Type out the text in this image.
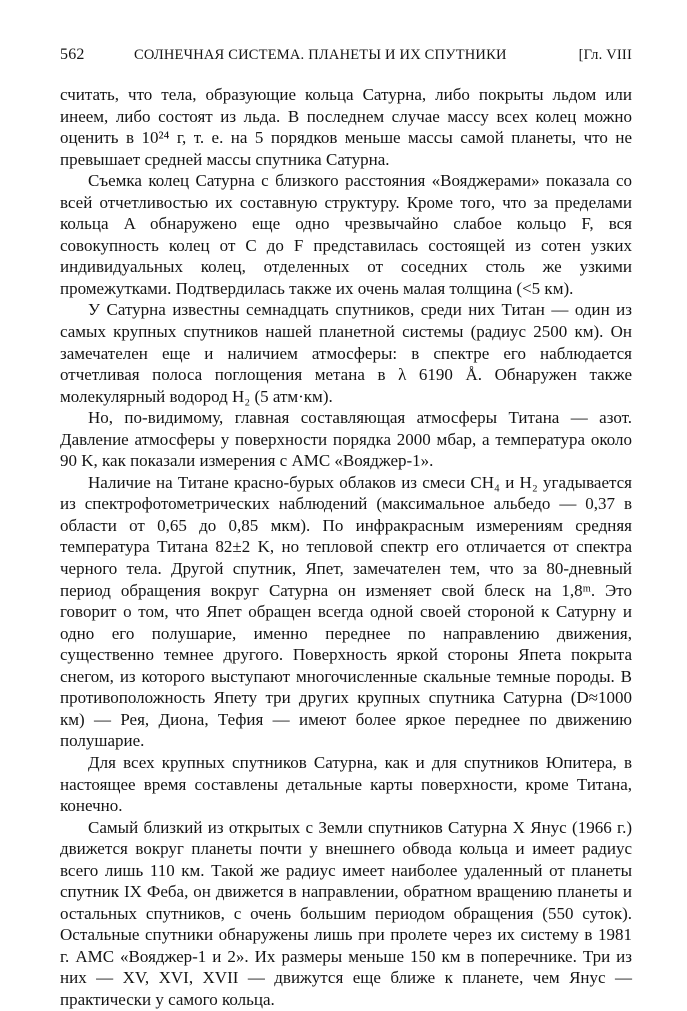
562	СОЛНЕЧНАЯ СИСТЕМА. ПЛАНЕТЫ И ИХ СПУТНИКИ	[Гл. VIII

считать, что тела, образующие кольца Сатурна, либо покрыты льдом или инеем, либо состоят из льда. В последнем случае массу всех колец можно оценить в 10²⁴ г, т. е. на 5 порядков меньше массы самой планеты, что не превышает средней массы спутника Сатурна.

Съемка колец Сатурна с близкого расстояния «Вояджерами» показала со всей отчетливостью их составную структуру. Кроме того, что за пределами кольца A обнаружено еще одно чрезвычайно слабое кольцо F, вся совокупность колец от C до F представилась состоящей из сотен узких индивидуальных колец, отделенных от соседних столь же узкими промежутками. Подтвердилась также их очень малая толщина (<5 км).

У Сатурна известны семнадцать спутников, среди них Титан — один из самых крупных спутников нашей планетной системы (радиус 2500 км). Он замечателен еще и наличием атмосферы: в спектре его наблюдается отчетливая полоса поглощения метана в λ 6190 Å. Обнаружен также молекулярный водород H₂ (5 атм·км).

Но, по-видимому, главная составляющая атмосферы Титана — азот. Давление атмосферы у поверхности порядка 2000 мбар, а температура около 90 K, как показали измерения с АМС «Вояджер-1».

Наличие на Титане красно-бурых облаков из смеси CH₄ и H₂ угадывается из спектрофотометрических наблюдений (максимальное альбедо — 0,37 в области от 0,65 до 0,85 мкм). По инфракрасным измерениям средняя температура Титана 82±2 K, но тепловой спектр его отличается от спектра черного тела. Другой спутник, Япет, замечателен тем, что за 80-дневный период обращения вокруг Сатурна он изменяет свой блеск на 1,8ᵐ. Это говорит о том, что Япет обращен всегда одной своей стороной к Сатурну и одно его полушарие, именно переднее по направлению движения, существенно темнее другого. Поверхность яркой стороны Япета покрыта снегом, из которого выступают многочисленные скальные темные породы. В противоположность Япету три других крупных спутника Сатурна (D≈1000 км) — Рея, Диона, Тефия — имеют более яркое переднее по движению полушарие.

Для всех крупных спутников Сатурна, как и для спутников Юпитера, в настоящее время составлены детальные карты поверхности, кроме Титана, конечно.

Самый близкий из открытых с Земли спутников Сатурна X Янус (1966 г.) движется вокруг планеты почти у внешнего обвода кольца и имеет радиус всего лишь 110 км. Такой же радиус имеет наиболее удаленный от планеты спутник IX Феба, он движется в направлении, обратном вращению планеты и остальных спутников, с очень большим периодом обращения (550 суток). Остальные спутники обнаружены лишь при пролете через их систему в 1981 г. АМС «Вояджер-1 и 2». Их размеры меньше 150 км в поперечнике. Три из них — XV, XVI, XVII — движутся еще ближе к планете, чем Янус — практически у самого кольца.
